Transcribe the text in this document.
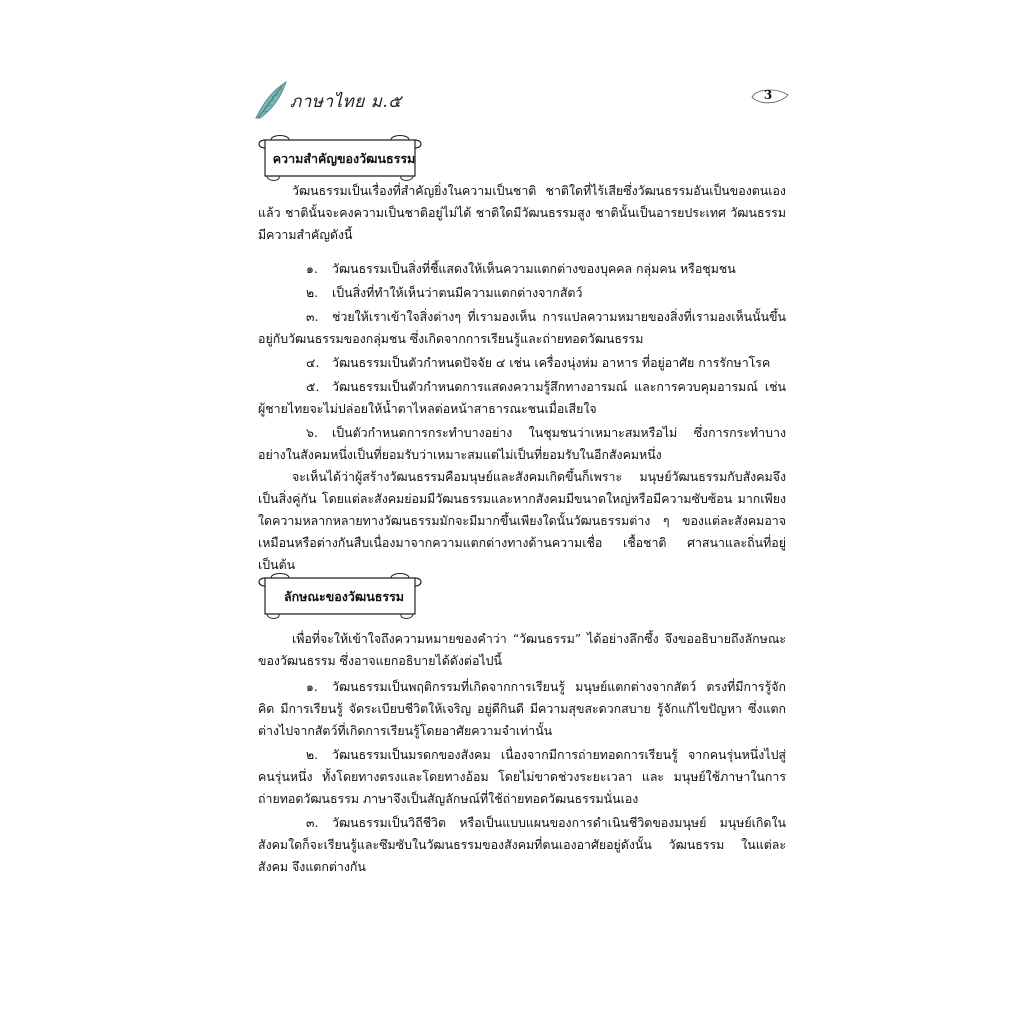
ภาษาไทย ม.๕	3
ความสำคัญของวัฒนธรรม

วัฒนธรรมเป็นเรื่องที่สำคัญยิ่งในความเป็นชาติ ชาติใดที่ไร้เสียซึ่งวัฒนธรรมอันเป็นของตนเองแล้ว ชาตินั้นจะคงความเป็นชาติอยู่ไม่ได้ ชาติใดมีวัฒนธรรมสูง ชาตินั้นเป็นอารยประเทศ วัฒนธรรมมีความสำคัญดังนี้

๑. วัฒนธรรมเป็นสิ่งที่ชี้แสดงให้เห็นความแตกต่างของบุคคล กลุ่มคน หรือชุมชน

๒. เป็นสิ่งที่ทำให้เห็นว่าตนมีความแตกต่างจากสัตว์

๓. ช่วยให้เราเข้าใจสิ่งต่างๆ ที่เรามองเห็น การแปลความหมายของสิ่งที่เรามองเห็นนั้นขึ้นอยู่กับวัฒนธรรมของกลุ่มชน ซึ่งเกิดจากการเรียนรู้และถ่ายทอดวัฒนธรรม

๔. วัฒนธรรมเป็นตัวกำหนดปัจจัย ๔ เช่น เครื่องนุ่งห่ม อาหาร ที่อยู่อาศัย การรักษาโรค

๕. วัฒนธรรมเป็นตัวกำหนดการแสดงความรู้สึกทางอารมณ์ และการควบคุมอารมณ์ เช่น ผู้ชายไทยจะไม่ปล่อยให้น้ำตาไหลต่อหน้าสาธารณะชนเมื่อเสียใจ

๖. เป็นตัวกำหนดการกระทำบางอย่าง ในชุมชนว่าเหมาะสมหรือไม่ ซึ่งการกระทำบางอย่างในสังคมหนึ่งเป็นที่ยอมรับว่าเหมาะสมแต่ไม่เป็นที่ยอมรับในอีกสังคมหนึ่ง

จะเห็นได้ว่าผู้สร้างวัฒนธรรมคือมนุษย์และสังคมเกิดขึ้นก็เพราะ มนุษย์วัฒนธรรมกับสังคมจึงเป็นสิ่งคู่กัน โดยแต่ละสังคมย่อมมีวัฒนธรรมและหากสังคมมีขนาดใหญ่หรือมีความซับซ้อน มากเพียงใดความหลากหลายทางวัฒนธรรมมักจะมีมากขึ้นเพียงใดนั้นวัฒนธรรมต่าง ๆ ของแต่ละสังคมอาจเหมือนหรือต่างกันสืบเนื่องมาจากความแตกต่างทางด้านความเชื่อ เชื้อชาติ ศาสนาและถิ่นที่อยู่เป็นต้น

ลักษณะของวัฒนธรรม

เพื่อที่จะให้เข้าใจถึงความหมายของคำว่า “วัฒนธรรม” ได้อย่างลึกซึ้ง จึงขออธิบายถึงลักษณะของวัฒนธรรม ซึ่งอาจแยกอธิบายได้ดังต่อไปนี้

๑. วัฒนธรรมเป็นพฤติกรรมที่เกิดจากการเรียนรู้ มนุษย์แตกต่างจากสัตว์ ตรงที่มีการรู้จักคิด มีการเรียนรู้ จัดระเบียบชีวิตให้เจริญ อยู่ดีกินดี มีความสุขสะดวกสบาย รู้จักแก้ไขปัญหา ซึ่งแตกต่างไปจากสัตว์ที่เกิดการเรียนรู้โดยอาศัยความจำเท่านั้น

๒. วัฒนธรรมเป็นมรดกของสังคม เนื่องจากมีการถ่ายทอดการเรียนรู้ จากคนรุ่นหนึ่งไปสู่คนรุ่นหนึ่ง ทั้งโดยทางตรงและโดยทางอ้อม โดยไม่ขาดช่วงระยะเวลา และ มนุษย์ใช้ภาษาในการถ่ายทอดวัฒนธรรม ภาษาจึงเป็นสัญลักษณ์ที่ใช้ถ่ายทอดวัฒนธรรมนั่นเอง

๓. วัฒนธรรมเป็นวิถีชีวิต หรือเป็นแบบแผนของการดำเนินชีวิตของมนุษย์ มนุษย์เกิดใน สังคมใดก็จะเรียนรู้และซึมซับในวัฒนธรรมของสังคมที่ตนเองอาศัยอยู่ดังนั้น วัฒนธรรม ในแต่ละสังคม จึงแตกต่างกัน
